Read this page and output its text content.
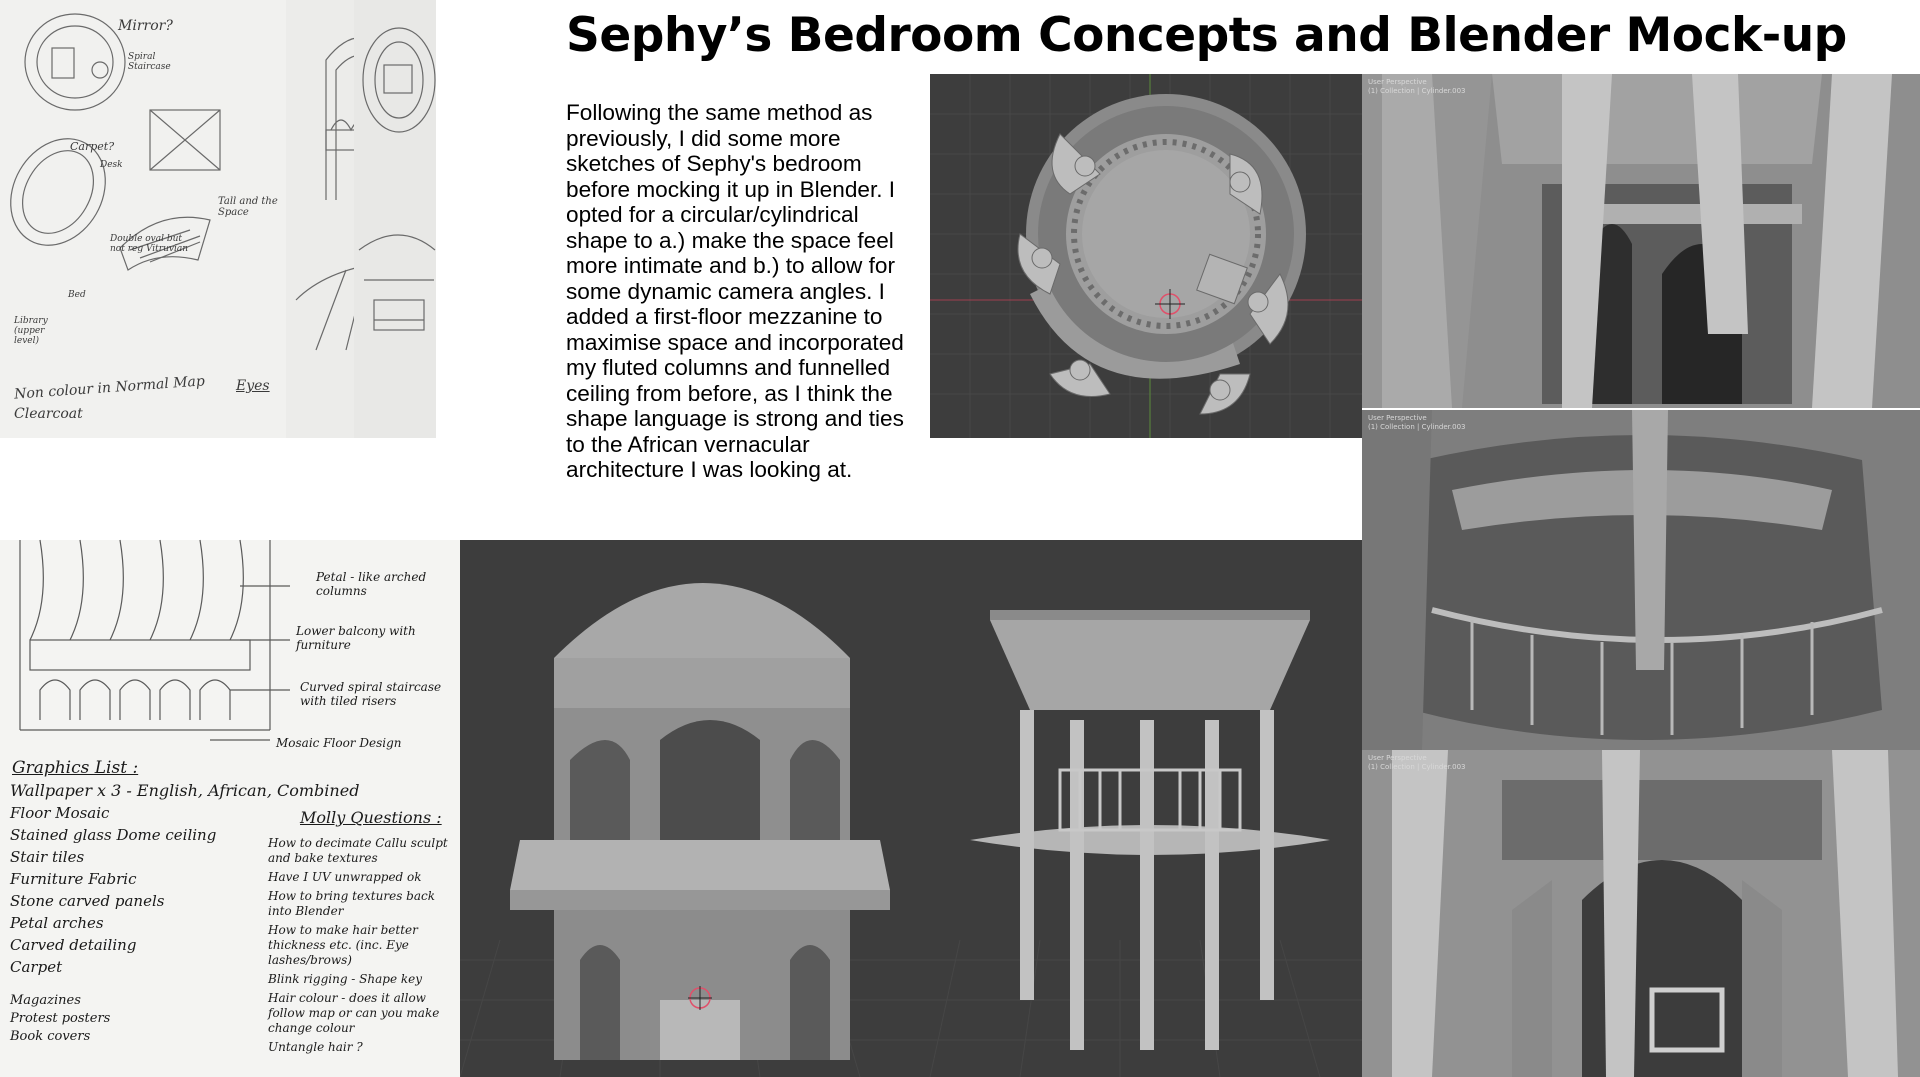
Mirror?
Spiral Staircase
Carpet?
Desk
Double oval but not reg Vitruvian
Bed
Library (upper level)
Non colour in Normal Map
Clearcoat
Tall and the Space
Eyes
Sephy’s Bedroom Concepts and Blender Mock-up
Following the same method as previously, I did some more sketches of Sephy's bedroom before mocking it up in Blender. I opted for a circular/cylindrical shape to a.) make the space feel more intimate and b.) to allow for some dynamic camera angles. I added a first-floor mezzanine to maximise space and incorporated my fluted columns and funnelled ceiling from before, as I think the shape language is strong and ties to the African vernacular architecture I was looking at.
User Perspective
(1) Collection | Cylinder.003
User Perspective
(1) Collection | Cylinder.003
User Perspective
(1) Collection | Cylinder.003
Petal - like arched columns
Lower balcony with furniture
Curved spiral staircase with tiled risers
Mosaic Floor Design
Graphics List :
Wallpaper x 3 - English, African, Combined
Floor Mosaic
Stained glass Dome ceiling
Stair tiles
Furniture Fabric
Stone carved panels
Petal arches
Carved detailing
Carpet
Magazines
Protest posters
Book covers
Molly Questions :
How to decimate Callu sculpt and bake textures
Have I UV unwrapped ok
How to bring textures back into Blender
How to make hair better thickness etc. (inc. Eye lashes/brows)
Blink rigging - Shape key
Hair colour - does it allow follow map or can you make change colour
Untangle hair ?
